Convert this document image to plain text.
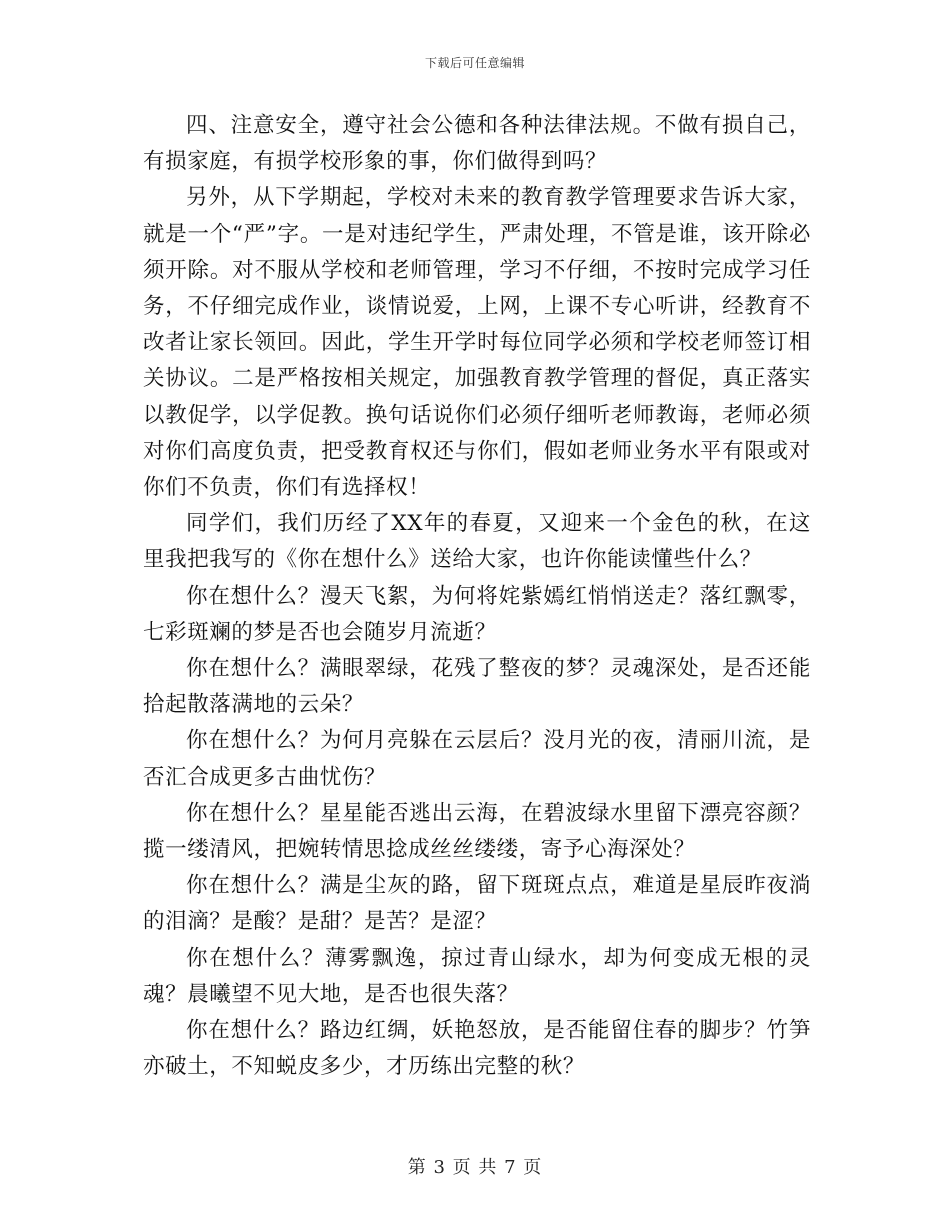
下载后可任意编辑

四、注意安全，遵守社会公德和各种法律法规。不做有损自己，有损家庭，有损学校形象的事，你们做得到吗？

另外，从下学期起，学校对未来的教育教学管理要求告诉大家，就是一个“严”字。一是对违纪学生，严肃处理，不管是谁，该开除必须开除。对不服从学校和老师管理，学习不仔细，不按时完成学习任务，不仔细完成作业，谈情说爱，上网，上课不专心听讲，经教育不改者让家长领回。因此，学生开学时每位同学必须和学校老师签订相关协议。二是严格按相关规定，加强教育教学管理的督促，真正落实以教促学，以学促教。换句话说你们必须仔细听老师教诲，老师必须对你们高度负责，把受教育权还与你们，假如老师业务水平有限或对你们不负责，你们有选择权！

同学们，我们历经了XX年的春夏，又迎来一个金色的秋，在这里我把我写的《你在想什么》送给大家，也许你能读懂些什么？

你在想什么？漫天飞絮，为何将姹紫嫣红悄悄送走？落红飘零，七彩斑斓的梦是否也会随岁月流逝？

你在想什么？满眼翠绿，花残了整夜的梦？灵魂深处，是否还能拾起散落满地的云朵？

你在想什么？为何月亮躲在云层后？没月光的夜，清丽川流，是否汇合成更多古曲忧伤？

你在想什么？星星能否逃出云海，在碧波绿水里留下漂亮容颜？揽一缕清风，把婉转情思捻成丝丝缕缕，寄予心海深处？

你在想什么？满是尘灰的路，留下斑斑点点，难道是星辰昨夜淌的泪滴？是酸？是甜？是苦？是涩？

你在想什么？薄雾飘逸，掠过青山绿水，却为何变成无根的灵魂？晨曦望不见大地，是否也很失落？

你在想什么？路边红绸，妖艳怒放，是否能留住春的脚步？竹笋亦破土，不知蜕皮多少，才历练出完整的秋？

第 3 页 共 7 页
